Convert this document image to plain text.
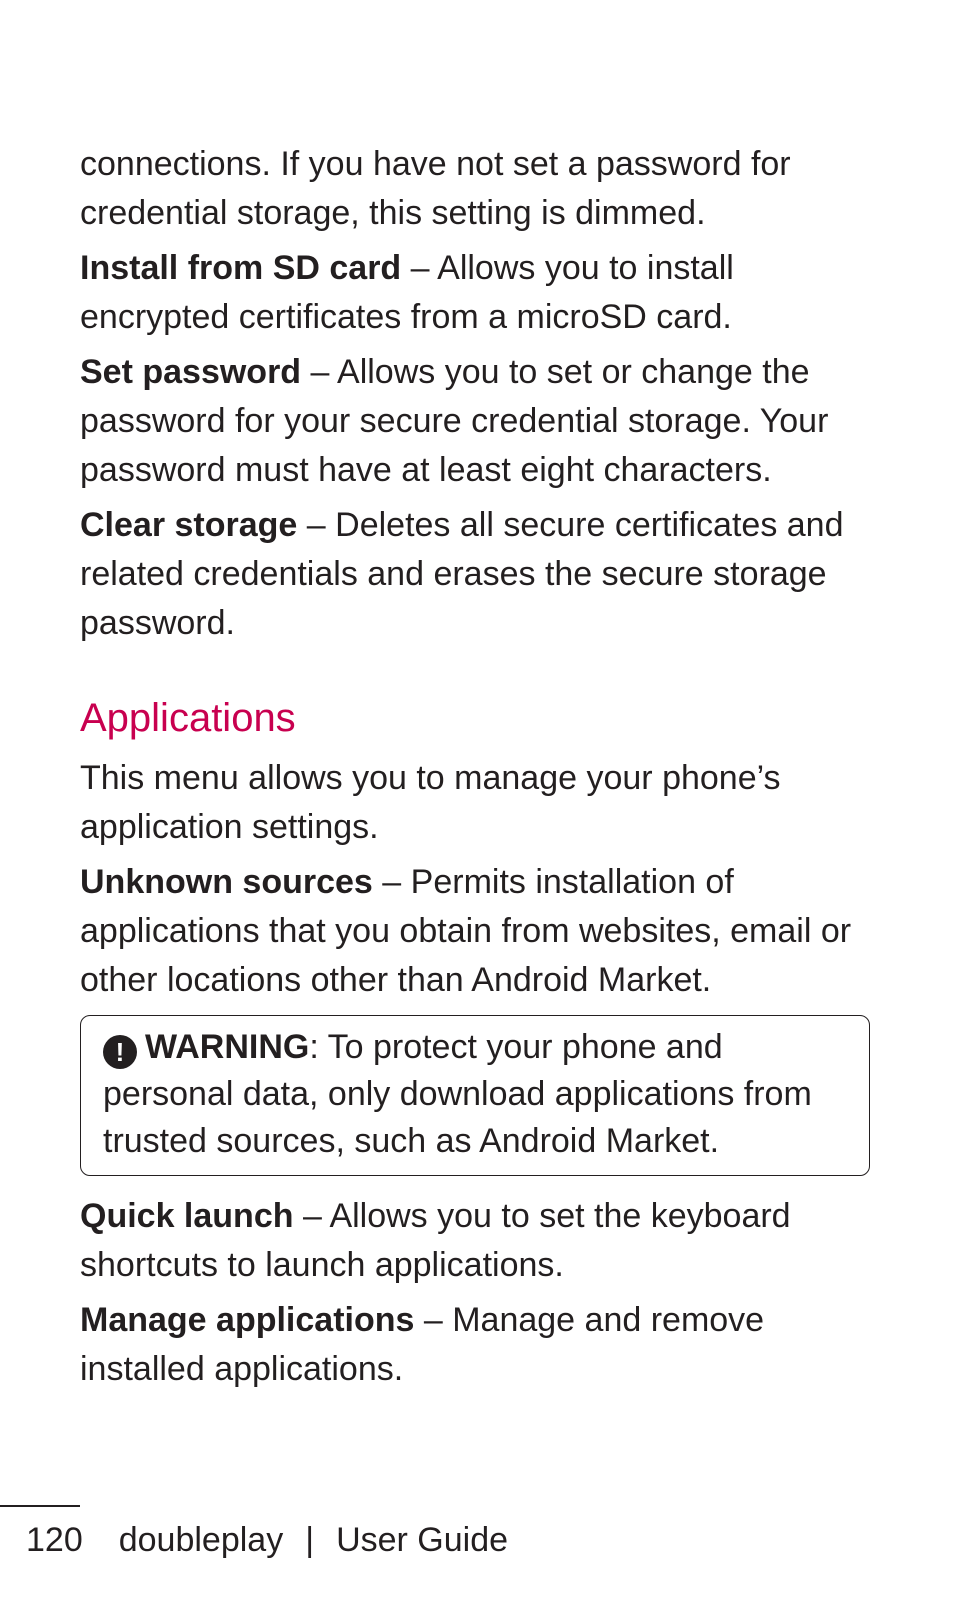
connections. If you have not set a password for credential storage, this setting is dimmed.

Install from SD card – Allows you to install encrypted certificates from a microSD card.

Set password – Allows you to set or change the password for your secure credential storage. Your password must have at least eight characters.

Clear storage – Deletes all secure certificates and related credentials and erases the secure storage password.

Applications

This menu allows you to manage your phone’s application settings.

Unknown sources – Permits installation of applications that you obtain from websites, email or other locations other than Android Market.

! WARNING: To protect your phone and personal data, only download applications from trusted sources, such as Android Market.

Quick launch – Allows you to set the keyboard shortcuts to launch applications.

Manage applications – Manage and remove installed applications.

120 doubleplay | User Guide
